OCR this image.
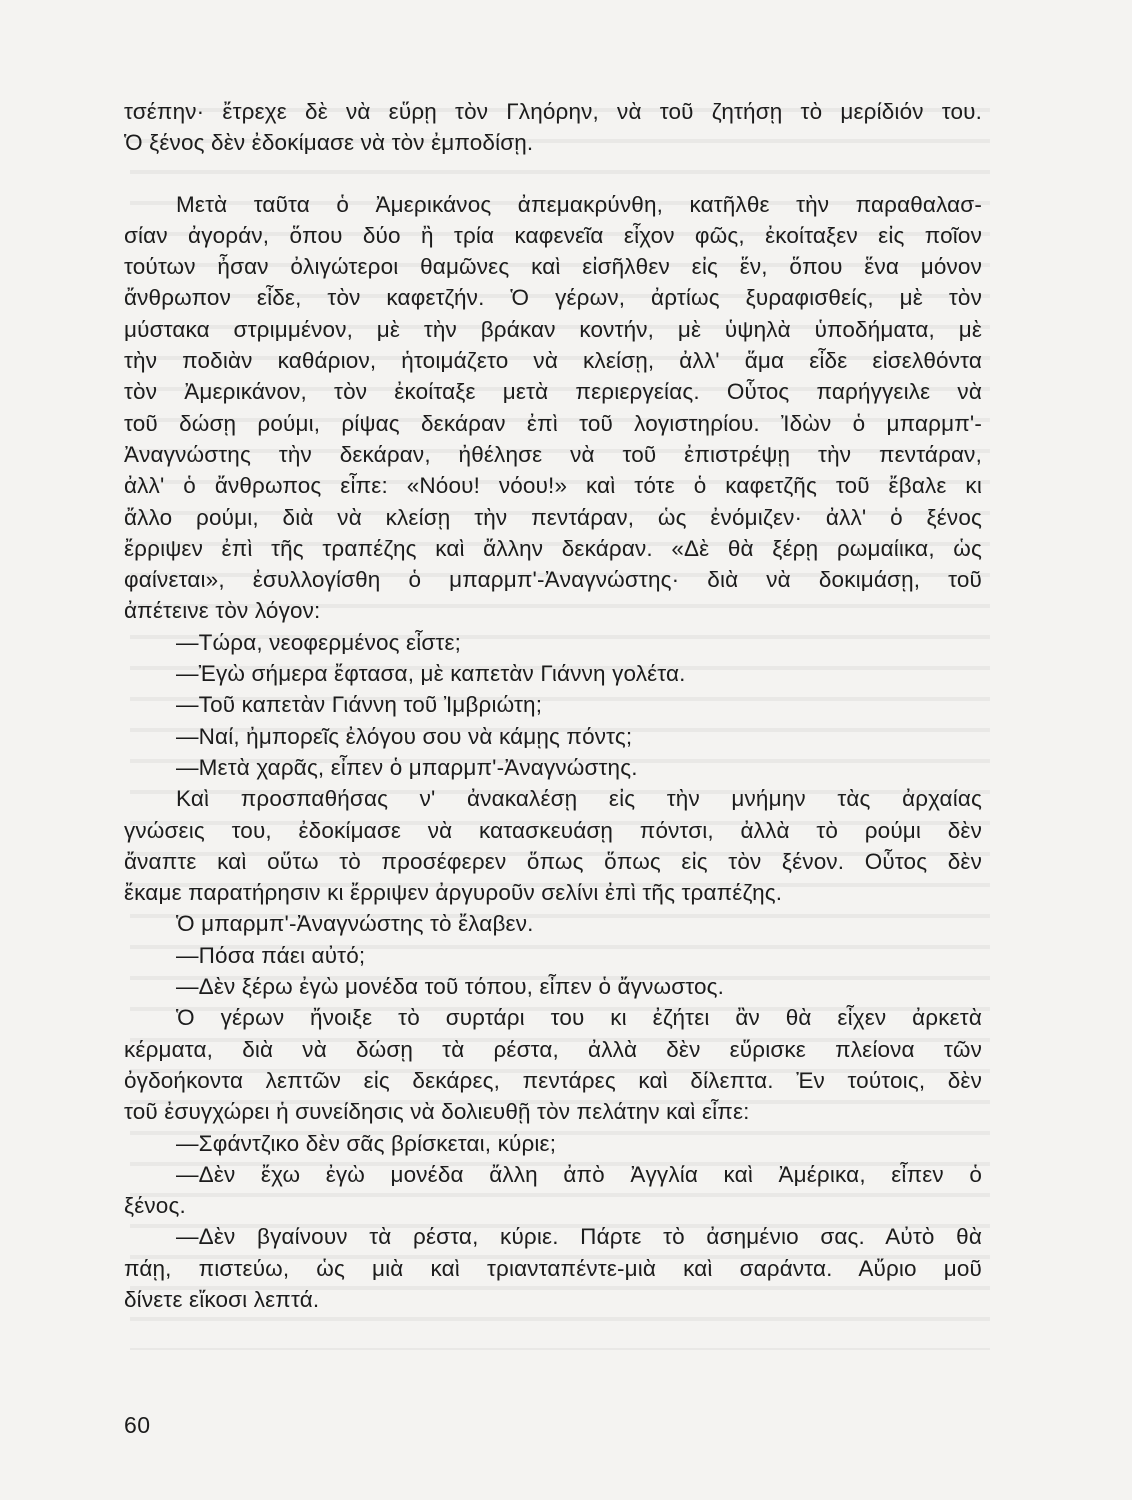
τσέπην· ἔτρεχε δὲ νὰ εὕρῃ τὸν Γληόρην, νὰ τοῦ ζητήσῃ τὸ μερίδιόν του.
Ὁ ξένος δὲν ἐδοκίμασε νὰ τὸν ἐμποδίσῃ.
Μετὰ ταῦτα ὁ Ἀμερικάνος ἀπεμακρύνθη, κατῆλθε τὴν παραθαλασ-
σίαν ἀγοράν, ὅπου δύο ἢ τρία καφενεῖα εἶχον φῶς, ἐκοίταξεν εἰς ποῖον
τούτων ἦσαν ὀλιγώτεροι θαμῶνες καὶ εἰσῆλθεν εἰς ἕν, ὅπου ἕνα μόνον
ἄνθρωπον εἶδε, τὸν καφετζήν. Ὁ γέρων, ἀρτίως ξυραφισθείς, μὲ τὸν
μύστακα στριμμένον, μὲ τὴν βράκαν κοντήν, μὲ ὑψηλὰ ὑποδήματα, μὲ
τὴν ποδιὰν καθάριον, ἡτοιμάζετο νὰ κλείσῃ, ἀλλ' ἅμα εἶδε εἰσελθόντα
τὸν Ἀμερικάνον, τὸν ἐκοίταξε μετὰ περιεργείας. Οὗτος παρήγγειλε νὰ
τοῦ δώσῃ ρούμι, ρίψας δεκάραν ἐπὶ τοῦ λογιστηρίου. Ἰδὼν ὁ μπαρμπ'-
Ἀναγνώστης τὴν δεκάραν, ἠθέλησε νὰ τοῦ ἐπιστρέψῃ τὴν πεντάραν,
ἀλλ' ὁ ἄνθρωπος εἶπε: «Νόου! νόου!» καὶ τότε ὁ καφετζῆς τοῦ ἔβαλε κι
ἄλλο ρούμι, διὰ νὰ κλείσῃ τὴν πεντάραν, ὡς ἐνόμιζεν· ἀλλ' ὁ ξένος
ἔρριψεν ἐπὶ τῆς τραπέζης καὶ ἄλλην δεκάραν. «Δὲ θὰ ξέρῃ ρωμαίικα, ὡς
φαίνεται», ἐσυλλογίσθη ὁ μπαρμπ'-Ἀναγνώστης· διὰ νὰ δοκιμάσῃ, τοῦ
ἀπέτεινε τὸν λόγον:
—Τώρα, νεοφερμένος εἶστε;
—Ἐγὼ σήμερα ἔφτασα, μὲ καπετὰν Γιάννη γολέτα.
—Τοῦ καπετὰν Γιάννη τοῦ Ἰμβριώτη;
—Ναί, ἠμπορεῖς ἐλόγου σου νὰ κάμῃς πόντς;
—Μετὰ χαρᾶς, εἶπεν ὁ μπαρμπ'-Ἀναγνώστης.
Καὶ προσπαθήσας ν' ἀνακαλέσῃ εἰς τὴν μνήμην τὰς ἀρχαίας
γνώσεις του, ἐδοκίμασε νὰ κατασκευάσῃ πόντσι, ἀλλὰ τὸ ρούμι δὲν
ἄναπτε καὶ οὕτω τὸ προσέφερεν ὅπως ὅπως εἰς τὸν ξένον. Οὗτος δὲν
ἔκαμε παρατήρησιν κι ἔρριψεν ἀργυροῦν σελίνι ἐπὶ τῆς τραπέζης.
Ὁ μπαρμπ'-Ἀναγνώστης τὸ ἔλαβεν.
—Πόσα πάει αὐτό;
—Δὲν ξέρω ἐγὼ μονέδα τοῦ τόπου, εἶπεν ὁ ἄγνωστος.
Ὁ γέρων ἤνοιξε τὸ συρτάρι του κι ἐζήτει ἂν θὰ εἶχεν ἀρκετὰ
κέρματα, διὰ νὰ δώσῃ τὰ ρέστα, ἀλλὰ δὲν εὕρισκε πλείονα τῶν
ὀγδοήκοντα λεπτῶν εἰς δεκάρες, πεντάρες καὶ δίλεπτα. Ἐν τούτοις, δὲν
τοῦ ἐσυγχώρει ἡ συνείδησις νὰ δολιευθῇ τὸν πελάτην καὶ εἶπε:
—Σφάντζικο δὲν σᾶς βρίσκεται, κύριε;
—Δὲν ἔχω ἐγὼ μονέδα ἄλλη ἀπὸ Ἀγγλία καὶ Ἀμέρικα, εἶπεν ὁ
ξένος.
—Δὲν βγαίνουν τὰ ρέστα, κύριε. Πάρτε τὸ ἀσημένιο σας. Αὐτὸ θὰ
πάῃ, πιστεύω, ὡς μιὰ καὶ τριανταπέντε-μιὰ καὶ σαράντα. Αὔριο μοῦ
δίνετε εἴκοσι λεπτά.
60
